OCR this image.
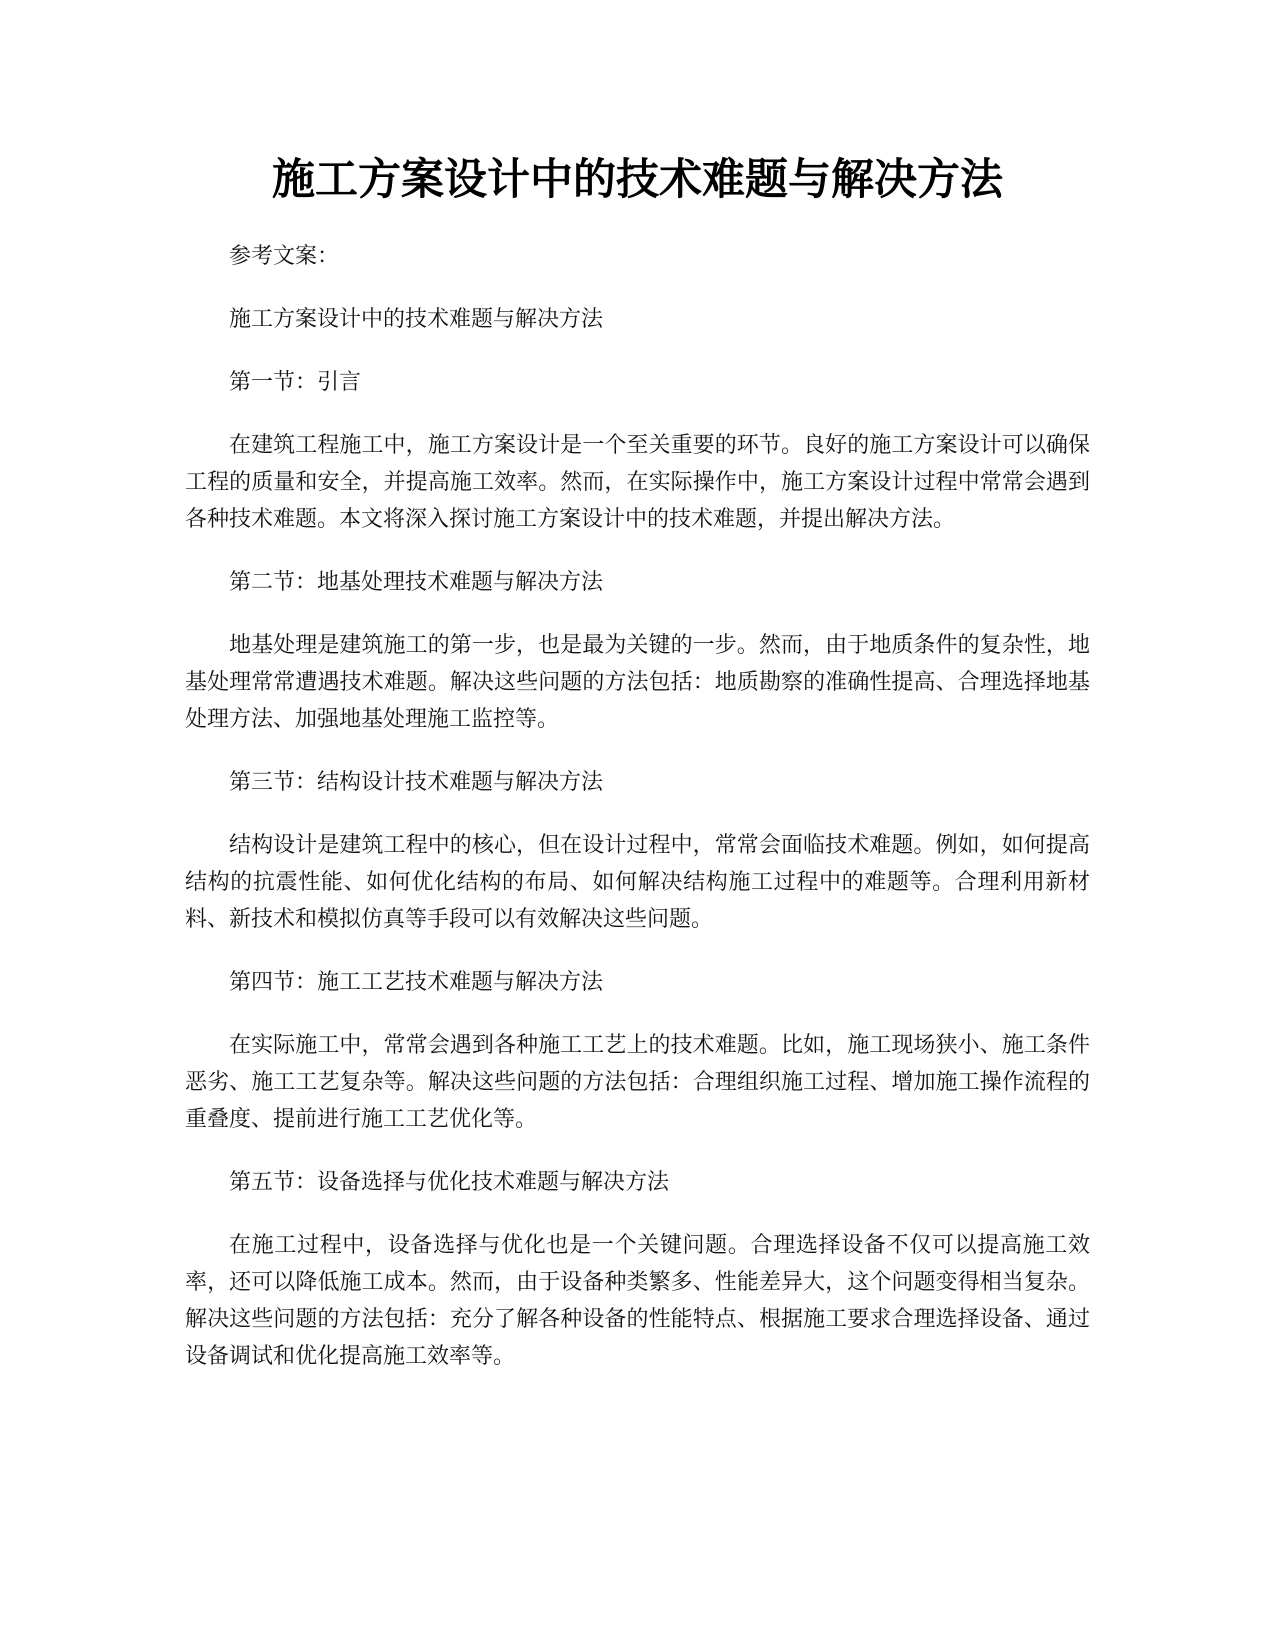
施工方案设计中的技术难题与解决方法

参考文案：

施工方案设计中的技术难题与解决方法

第一节：引言

在建筑工程施工中，施工方案设计是一个至关重要的环节。良好的施工方案设计可以确保工程的质量和安全，并提高施工效率。然而，在实际操作中，施工方案设计过程中常常会遇到各种技术难题。本文将深入探讨施工方案设计中的技术难题，并提出解决方法。

第二节：地基处理技术难题与解决方法

地基处理是建筑施工的第一步，也是最为关键的一步。然而，由于地质条件的复杂性，地基处理常常遭遇技术难题。解决这些问题的方法包括：地质勘察的准确性提高、合理选择地基处理方法、加强地基处理施工监控等。

第三节：结构设计技术难题与解决方法

结构设计是建筑工程中的核心，但在设计过程中，常常会面临技术难题。例如，如何提高结构的抗震性能、如何优化结构的布局、如何解决结构施工过程中的难题等。合理利用新材料、新技术和模拟仿真等手段可以有效解决这些问题。

第四节：施工工艺技术难题与解决方法

在实际施工中，常常会遇到各种施工工艺上的技术难题。比如，施工现场狭小、施工条件恶劣、施工工艺复杂等。解决这些问题的方法包括：合理组织施工过程、增加施工操作流程的重叠度、提前进行施工工艺优化等。

第五节：设备选择与优化技术难题与解决方法

在施工过程中，设备选择与优化也是一个关键问题。合理选择设备不仅可以提高施工效率，还可以降低施工成本。然而，由于设备种类繁多、性能差异大，这个问题变得相当复杂。解决这些问题的方法包括：充分了解各种设备的性能特点、根据施工要求合理选择设备、通过设备调试和优化提高施工效率等。
